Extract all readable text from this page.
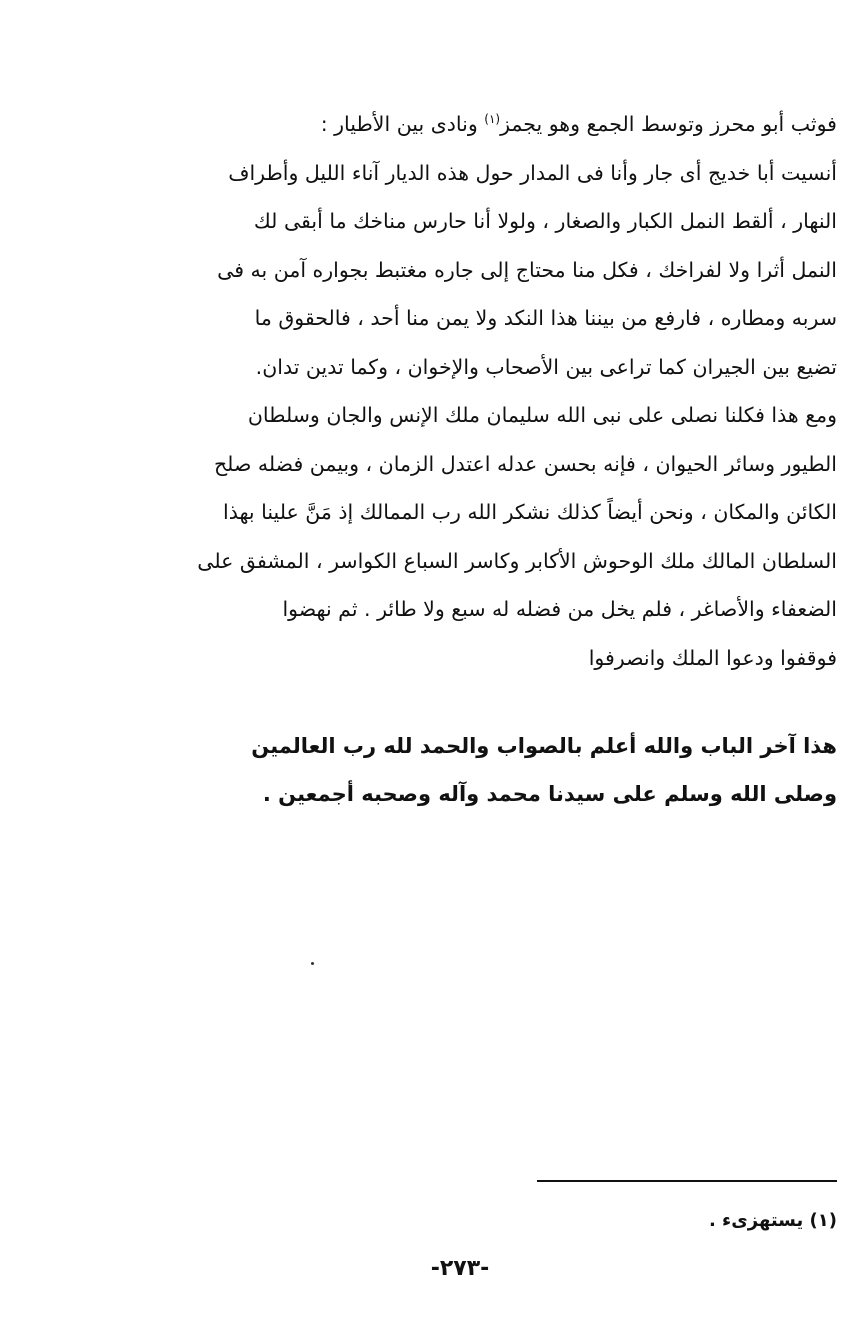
فوثب أبو محرز وتوسط الجمع وهو يجمز$^{(١)}$ ونادى بين الأطيار :
أنسيت أبا خديج أى جار وأنا فى المدار حول هذه الديار آناء الليل وأطراف
النهار ، ألقط النمل الكبار والصغار ، ولولا أنا حارس مناخك ما أبقى لك
النمل أثرا ولا لفراخك ، فكل منا محتاج إلى جاره مغتبط بجواره آمن به فى
سربه ومطاره ، فارفع من بيننا هذا النكد ولا يمن منا أحد ، فالحقوق ما
تضيع بين الجيران كما تراعى بين الأصحاب والإخوان ، وكما تدين تدان.
ومع هذا فكلنا نصلى على نبى الله سليمان ملك الإنس والجان وسلطان
الطيور وسائر الحيوان ، فإنه بحسن عدله اعتدل الزمان ، وبيمن فضله صلح
الكائن والمكان ، ونحن أيضاً كذلك نشكر الله رب الممالك إذ مَنَّ علينا بهذا
السلطان المالك ملك الوحوش الأكابر وكاسر السباع الكواسر ، المشفق على
الضعفاء والأصاغر ، فلم يخل من فضله له سبع ولا طائر . ثم نهضوا
فوقفوا ودعوا الملك وانصرفوا
هذا آخر الباب والله أعلم بالصواب والحمد لله رب العالمين
وصلى الله وسلم على سيدنا محمد وآله وصحبه أجمعين .
(١) يستهزىء .
-٢٧٣-
